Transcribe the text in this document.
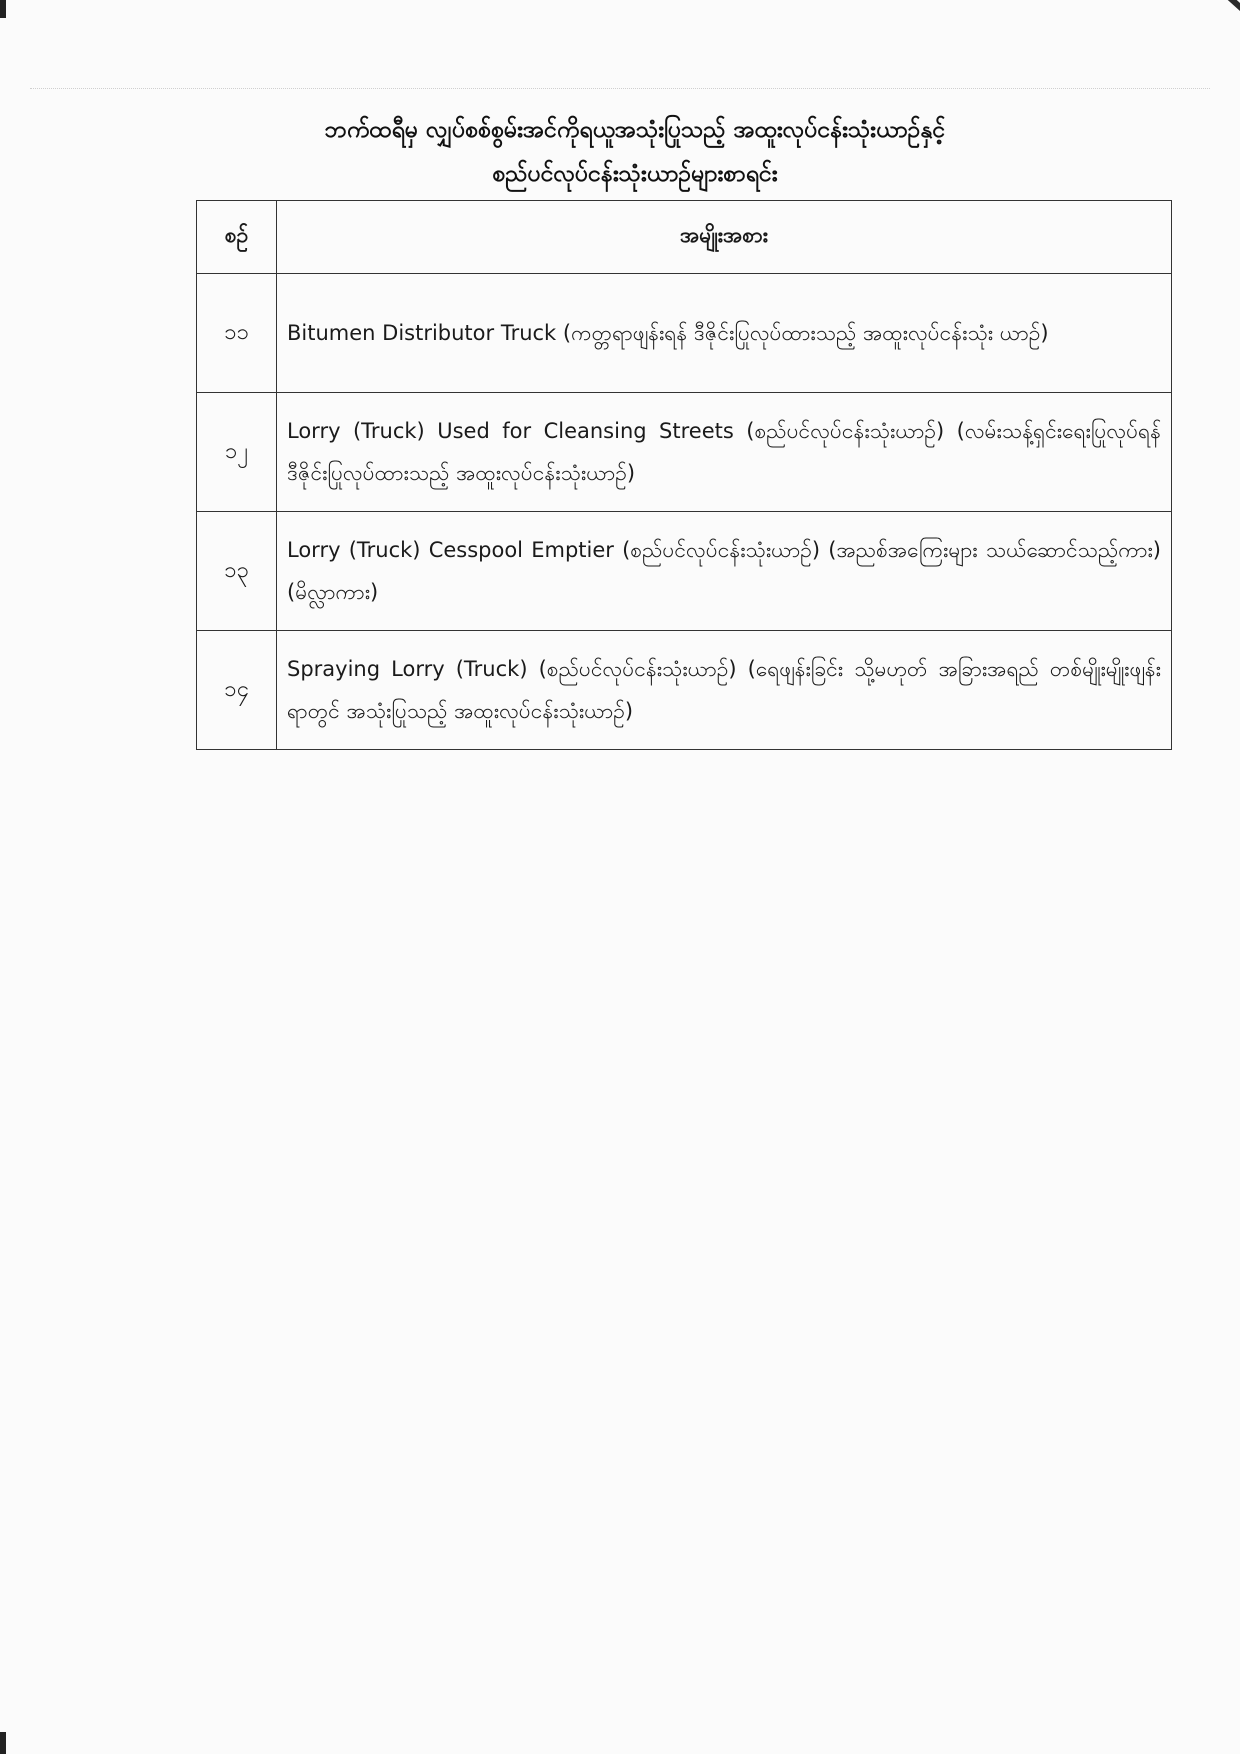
ဘက်ထရီမှ လျှပ်စစ်စွမ်းအင်ကိုရယူအသုံးပြုသည့် အထူးလုပ်ငန်းသုံးယာဉ်နှင့်
စည်ပင်လုပ်ငန်းသုံးယာဉ်များစာရင်း
စဉ်	အမျိုးအစား
၁၁	Bitumen Distributor Truck (ကတ္တရာဖျန်းရန် ဒီဇိုင်းပြုလုပ်ထားသည့် အထူးလုပ်ငန်းသုံး ယာဉ်)
၁၂	Lorry (Truck) Used for Cleansing Streets (စည်ပင်လုပ်ငန်းသုံးယာဉ်) (လမ်းသန့်ရှင်းရေးပြုလုပ်ရန် ဒီဇိုင်းပြုလုပ်ထားသည့် အထူးလုပ်ငန်းသုံးယာဉ်)
၁၃	Lorry (Truck) Cesspool Emptier (စည်ပင်လုပ်ငန်းသုံးယာဉ်) (အညစ်အကြေးများ သယ်ဆောင်သည့်ကား) (မိလ္လာကား)
၁၄	Spraying Lorry (Truck) (စည်ပင်လုပ်ငန်းသုံးယာဉ်) (ရေဖျန်းခြင်း သို့မဟုတ် အခြားအရည် တစ်မျိုးမျိုးဖျန်းရာတွင် အသုံးပြုသည့် အထူးလုပ်ငန်းသုံးယာဉ်)
